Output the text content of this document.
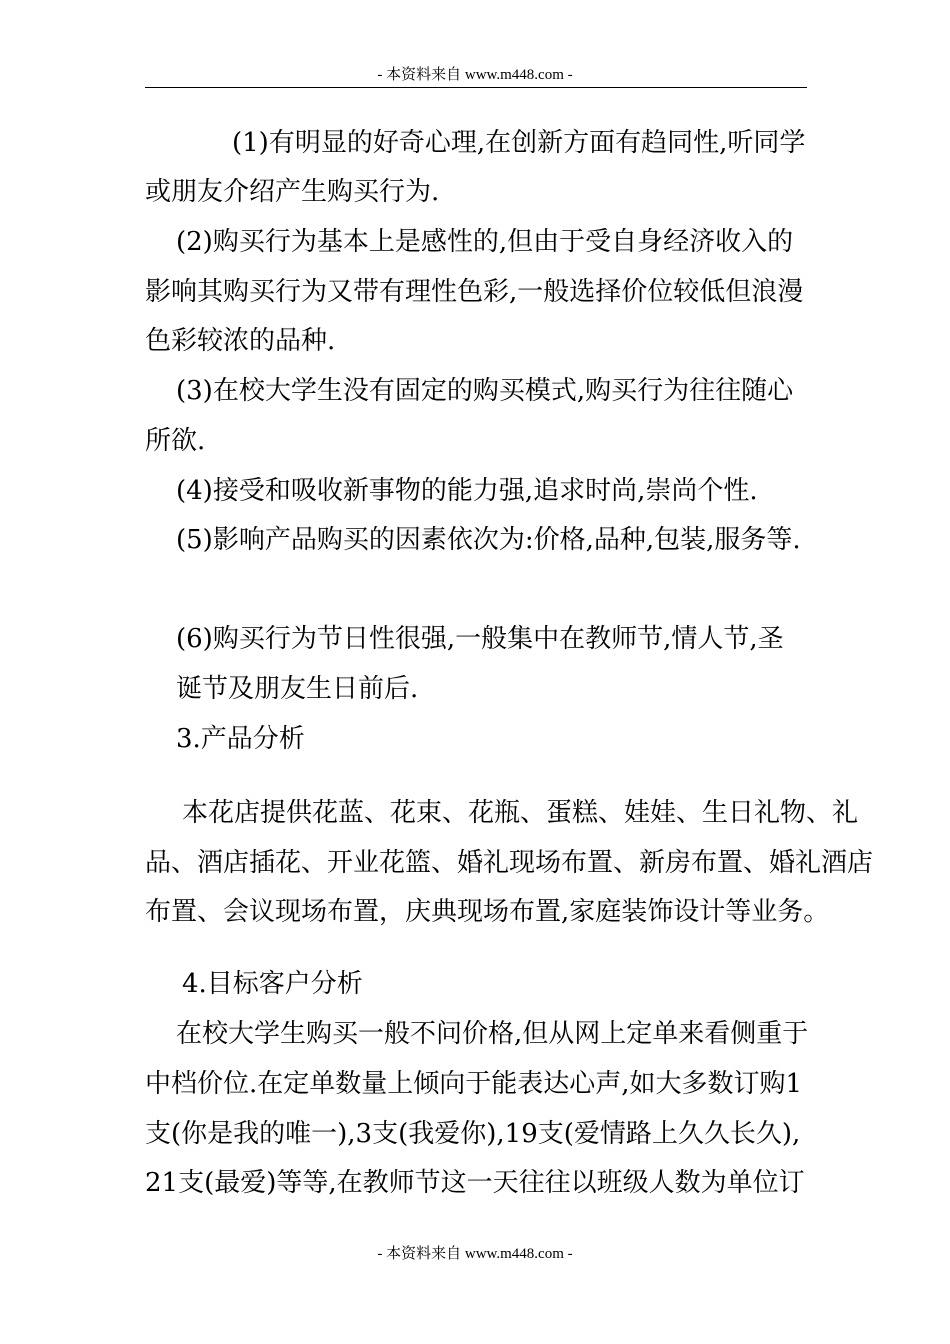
- 本资料来自 www.m448.com -
(1)有明显的好奇心理,在创新方面有趋同性,听同学
或朋友介绍产生购买行为.
(2)购买行为基本上是感性的,但由于受自身经济收入的
影响其购买行为又带有理性色彩,一般选择价位较低但浪漫
色彩较浓的品种.
(3)在校大学生没有固定的购买模式,购买行为往往随心
所欲.
(4)接受和吸收新事物的能力强,追求时尚,崇尚个性.
(5)影响产品购买的因素依次为:价格,品种,包装,服务等.
(6)购买行为节日性很强,一般集中在教师节,情人节,圣
诞节及朋友生日前后.
3.产品分析
本花店提供花蓝、花束、花瓶、蛋糕、娃娃、生日礼物、礼
品、酒店插花、开业花篮、婚礼现场布置、新房布置、婚礼酒店
布置、会议现场布置，庆典现场布置,家庭装饰设计等业务。
4.目标客户分析
在校大学生购买一般不问价格,但从网上定单来看侧重于
中档价位.在定单数量上倾向于能表达心声,如大多数订购1
支(你是我的唯一),3支(我爱你),19支(爱情路上久久长久),
21支(最爱)等等,在教师节这一天往往以班级人数为单位订
- 本资料来自 www.m448.com -
